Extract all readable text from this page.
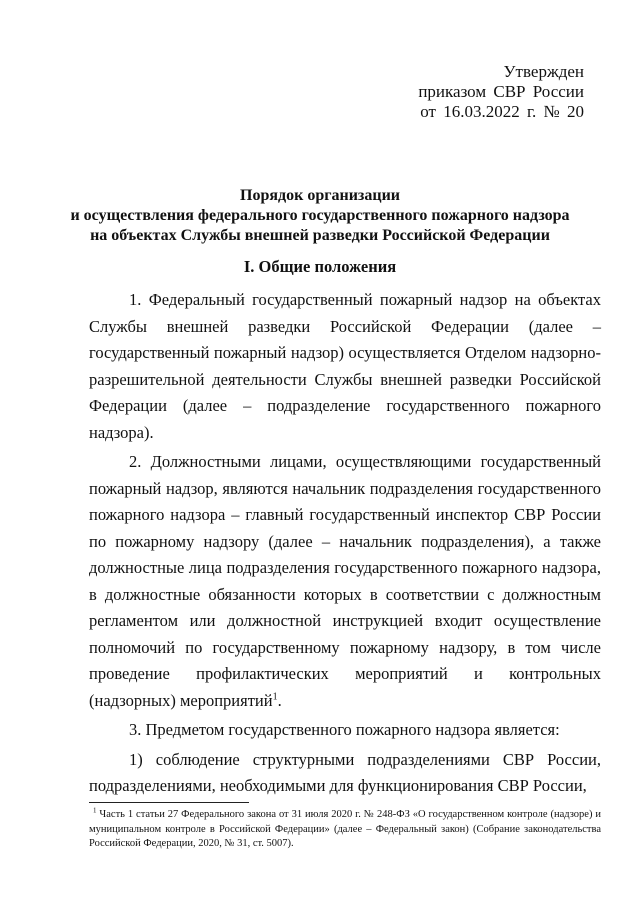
Утвержден
приказом СВР России
от 16.03.2022 г. № 20
Порядок организации
и осуществления федерального государственного пожарного надзора
на объектах Службы внешней разведки Российской Федерации
I. Общие положения

1. Федеральный государственный пожарный надзор на объектах Службы внешней разведки Российской Федерации (далее – государственный пожарный надзор) осуществляется Отделом надзорно-разрешительной деятельности Службы внешней разведки Российской Федерации (далее – подразделение государственного пожарного надзора).

2. Должностными лицами, осуществляющими государственный пожарный надзор, являются начальник подразделения государственного пожарного надзора – главный государственный инспектор СВР России по пожарному надзору (далее – начальник подразделения), а также должностные лица подразделения государственного пожарного надзора, в должностные обязанности которых в соответствии с должностным регламентом или должностной инструкцией входит осуществление полномочий по государственному пожарному надзору, в том числе проведение профилактических мероприятий и контрольных (надзорных) мероприятий$^1$.

3. Предметом государственного пожарного надзора является:

1) соблюдение структурными подразделениями СВР России, подразделениями, необходимыми для функционирования СВР России,

$^1$ Часть 1 статьи 27 Федерального закона от 31 июля 2020 г. № 248-ФЗ «О государственном контроле (надзоре) и муниципальном контроле в Российской Федерации» (далее – Федеральный закон) (Собрание законодательства Российской Федерации, 2020, № 31, ст. 5007).
